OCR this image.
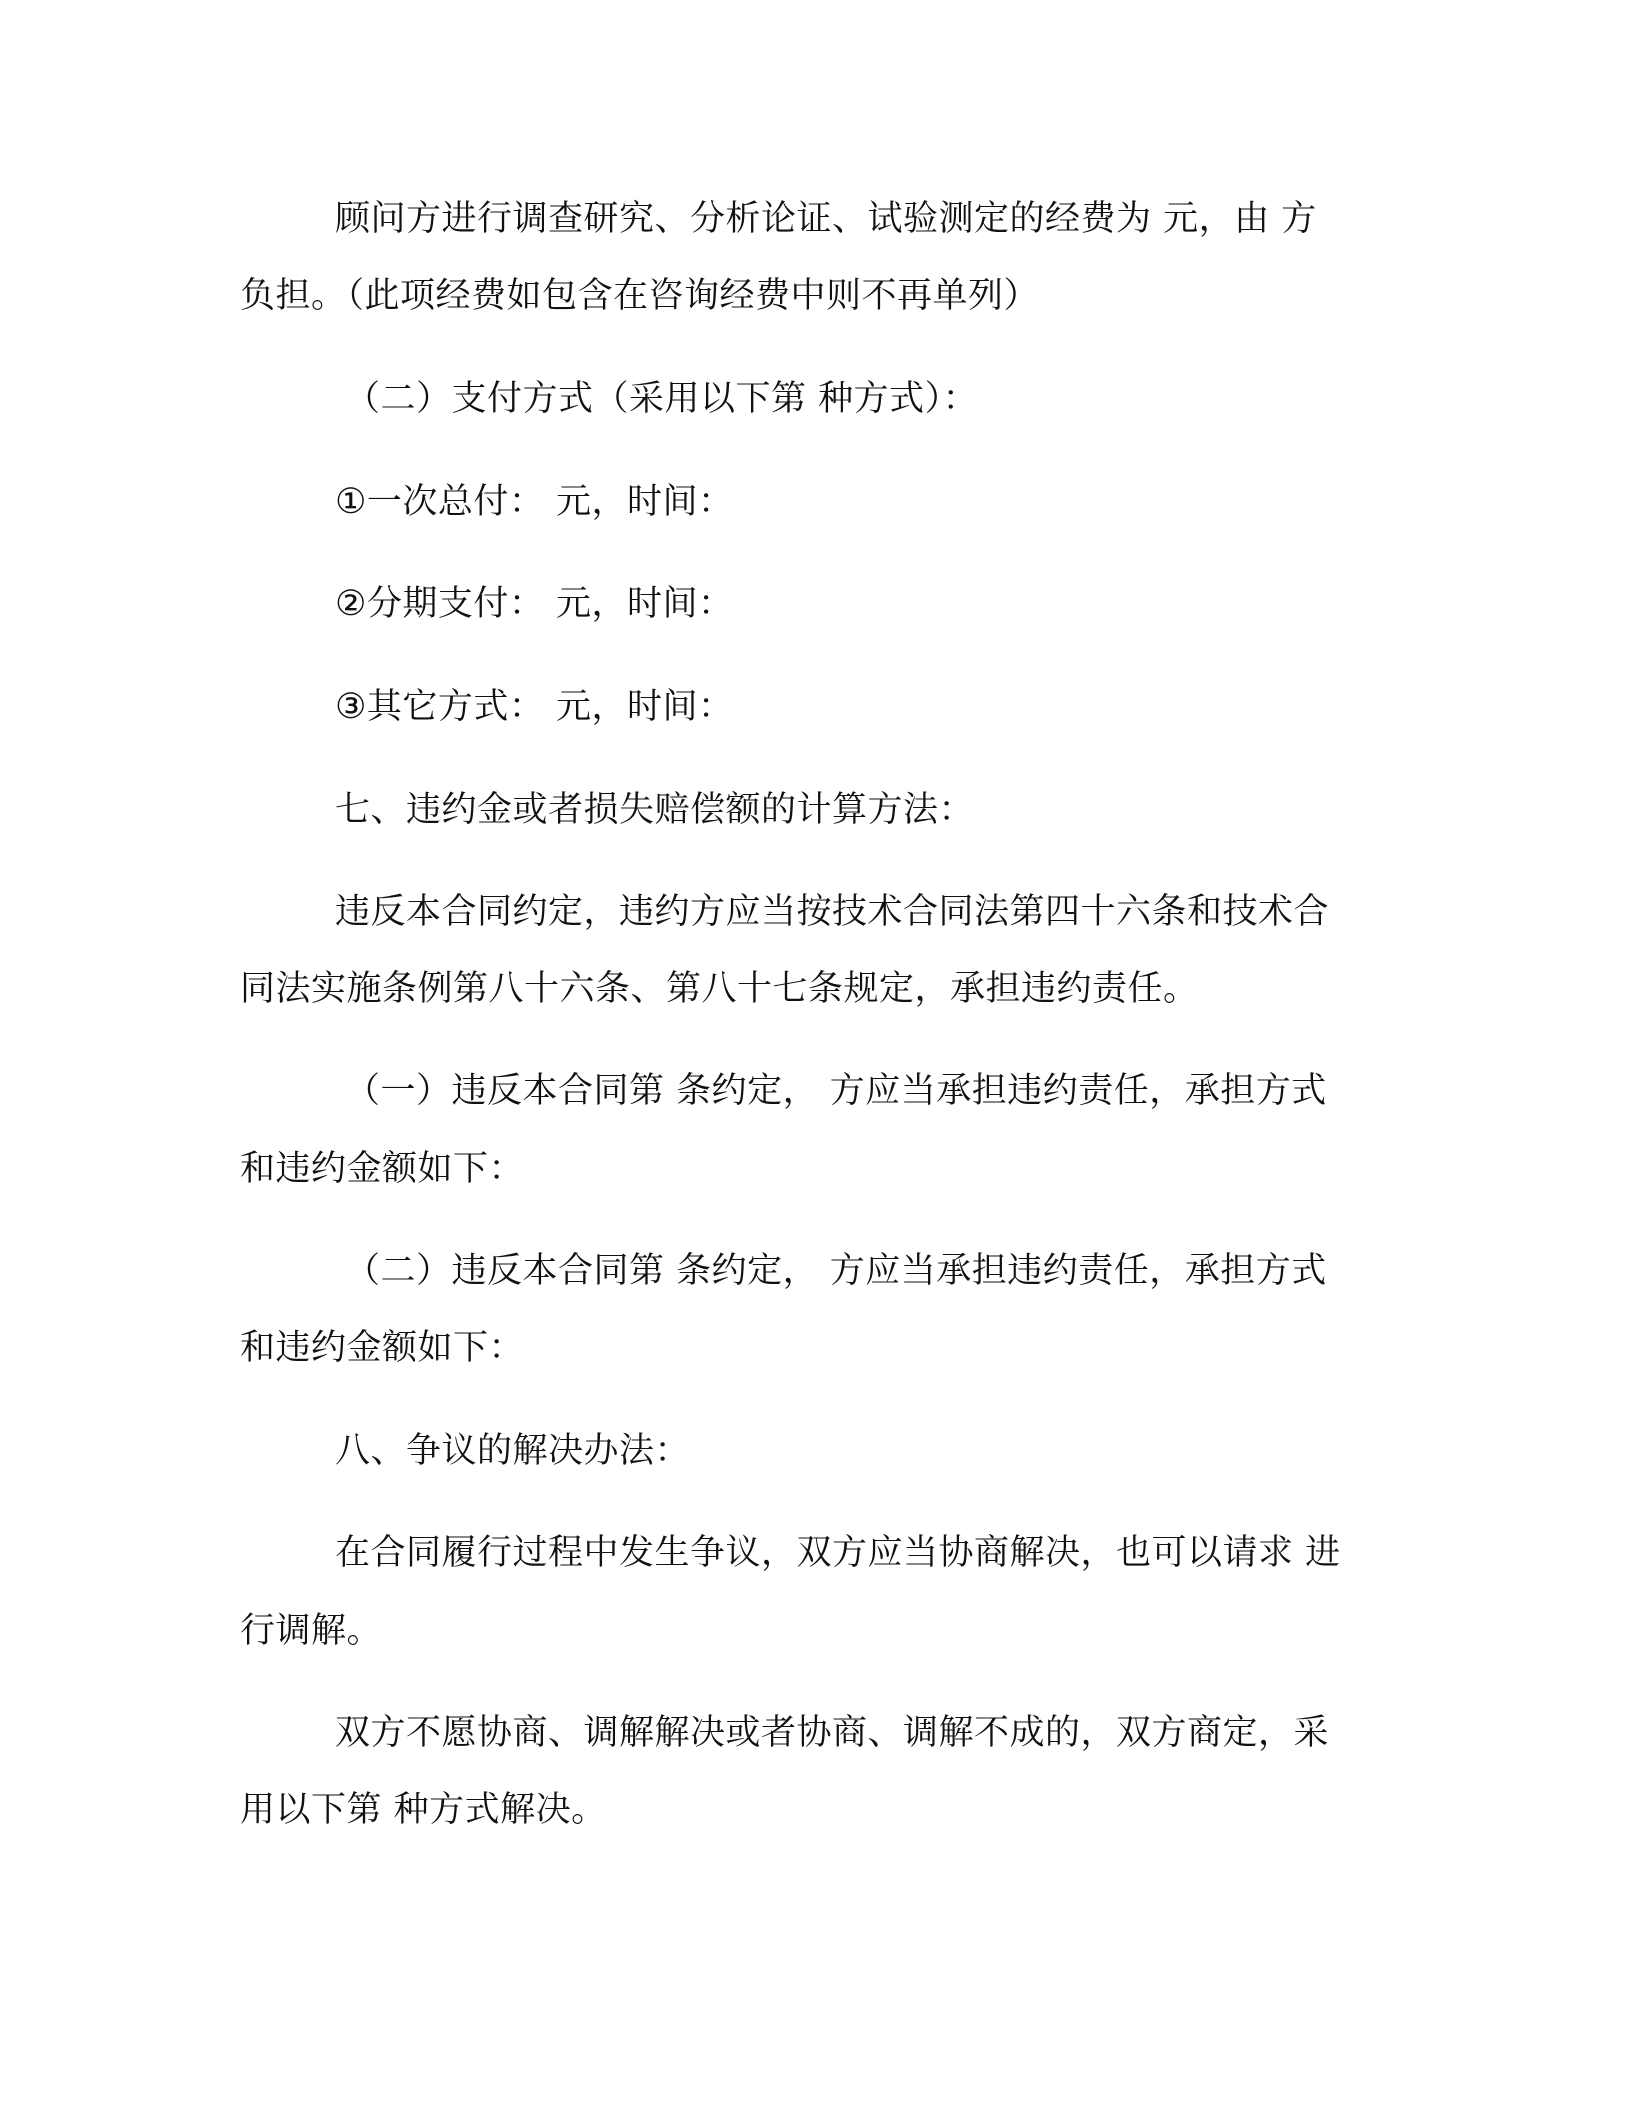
顾问方进行调查研究、分析论证、试验测定的经费为 元，由 方
负担。（此项经费如包含在咨询经费中则不再单列）
（二）支付方式（采用以下第 种方式）：
①一次总付： 元，时间：
②分期支付： 元，时间：
③其它方式： 元，时间：
七、违约金或者损失赔偿额的计算方法：
违反本合同约定，违约方应当按技术合同法第四十六条和技术合
同法实施条例第八十六条、第八十七条规定，承担违约责任。
（一）违反本合同第 条约定， 方应当承担违约责任，承担方式
和违约金额如下：
（二）违反本合同第 条约定， 方应当承担违约责任，承担方式
和违约金额如下：
八、争议的解决办法：
在合同履行过程中发生争议，双方应当协商解决，也可以请求 进
行调解。
双方不愿协商、调解解决或者协商、调解不成的，双方商定，采
用以下第 种方式解决。
